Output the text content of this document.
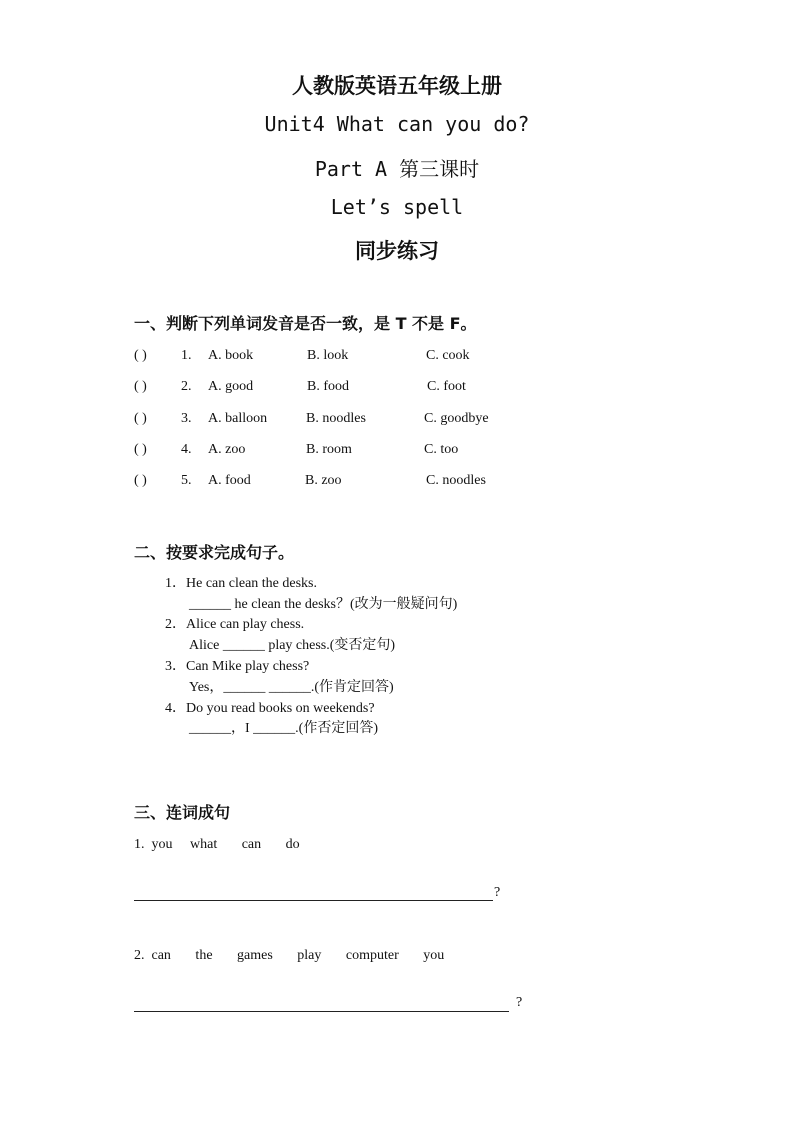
人教版英语五年级上册
Unit4 What can you do?
Part A 第三课时
Let’s spell
同步练习
一、判断下列单词发音是否一致，是 T 不是 F。
( ) 1. A. book	B. look	C. cook
( ) 2. A. good	B. food	C. foot
( ) 3. A. balloon	B. noodles	C. goodbye
( ) 4. A. zoo	B. room	C. too
( ) 5. A. food	B. zoo	C. noodles
二、按要求完成句子。
1．He can clean the desks.
______ he clean the desks？(改为一般疑问句)
2．Alice can play chess.
Alice ______ play chess.(变否定句)
3．Can Mike play chess?
Yes，______ ______.(作肯定回答)
4．Do you read books on weekends?
______，I ______.(作否定回答)
三、连词成句
1.  you     what       can       do
?
2.  can       the       games       play       computer       you
?
